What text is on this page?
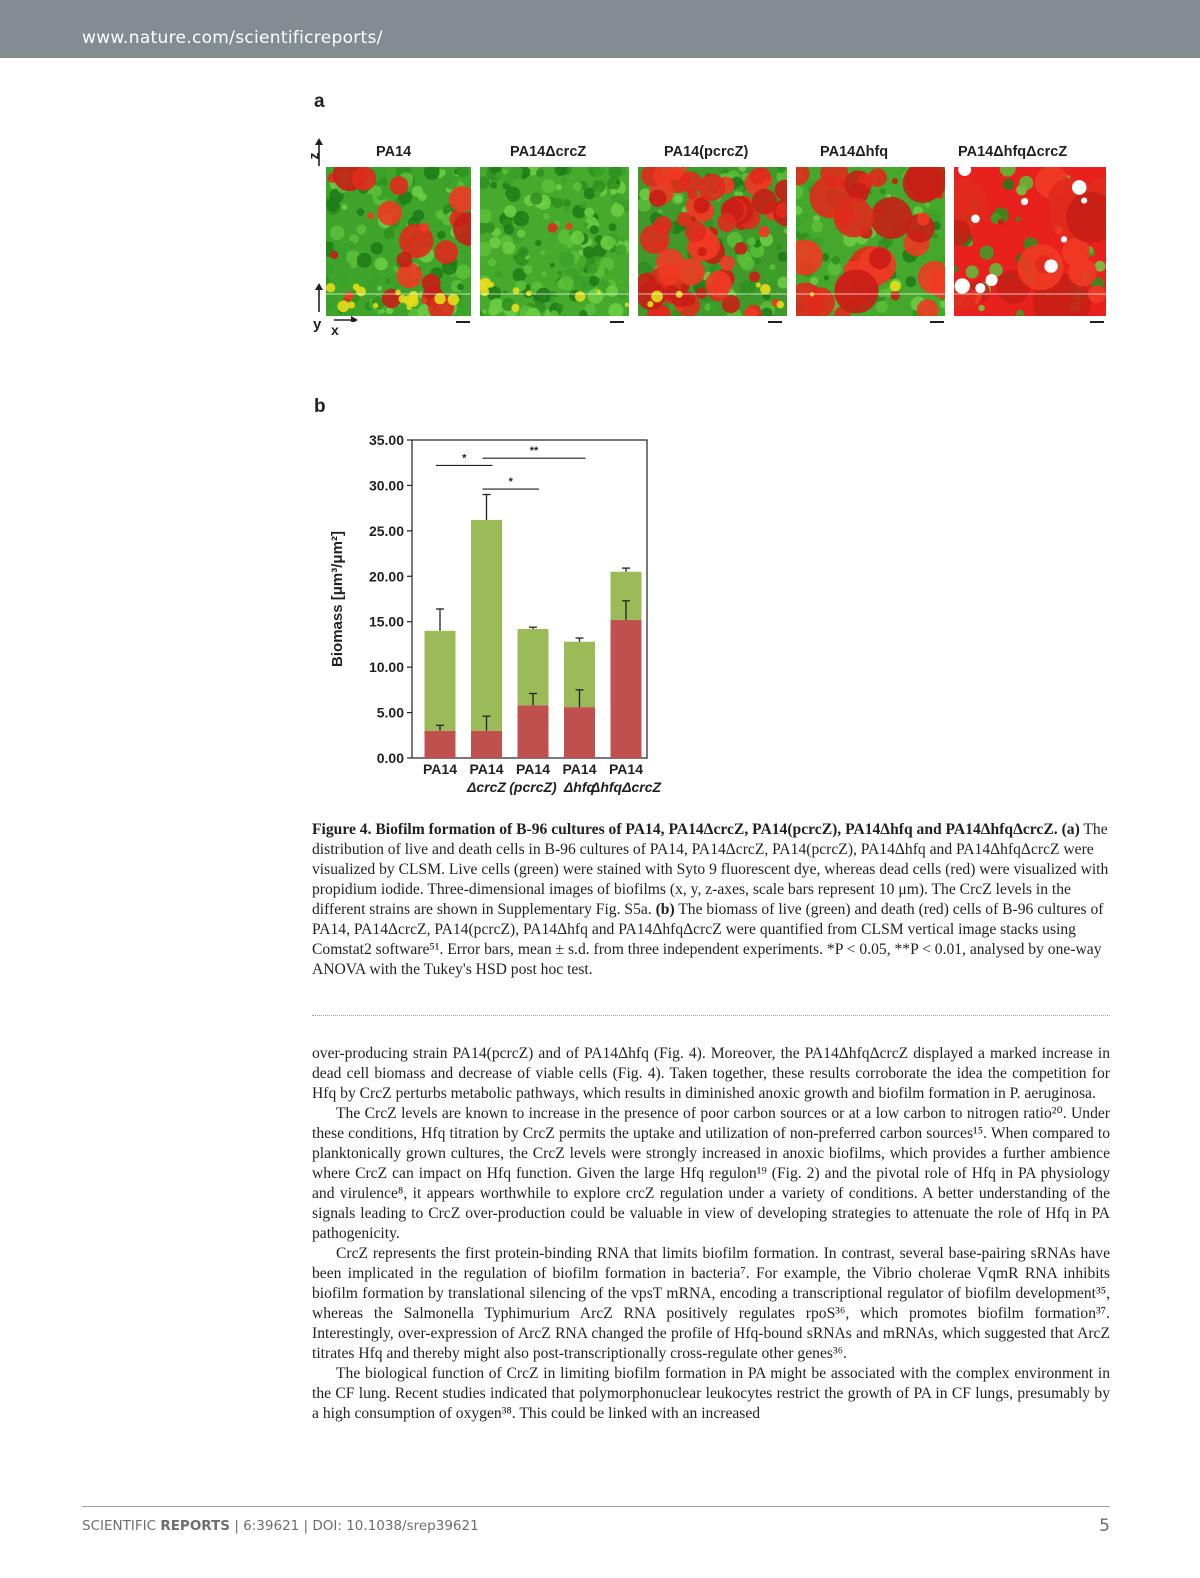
www.nature.com/scientificreports/
a
z
y x
PA14	PA14ΔcrcZ	PA14(pcrcZ)	PA14Δhfq	PA14ΔhfqΔcrcZ
b
0.00
5.00
10.00
15.00
20.00
25.00
30.00
35.00
Biomass [μm³/μm²]
PA14 PA14
ΔcrcZ
PA14
(pcrcZ)
PA14
Δhfq
PA14
ΔhfqΔcrcZ
*
**
*
Figure 4. Biofilm formation of B-96 cultures of PA14, PA14ΔcrcZ, PA14(pcrcZ), PA14Δhfq and PA14ΔhfqΔcrcZ. (a) The distribution of live and death cells in B-96 cultures of PA14, PA14ΔcrcZ, PA14(pcrcZ), PA14Δhfq and PA14ΔhfqΔcrcZ were visualized by CLSM. Live cells (green) were stained with Syto 9 fluorescent dye, whereas dead cells (red) were visualized with propidium iodide. Three-dimensional images of biofilms (x, y, z-axes, scale bars represent 10 μm). The CrcZ levels in the different strains are shown in Supplementary Fig. S5a. (b) The biomass of live (green) and death (red) cells of B-96 cultures of PA14, PA14ΔcrcZ, PA14(pcrcZ), PA14Δhfq and PA14ΔhfqΔcrcZ were quantified from CLSM vertical image stacks using Comstat2 software⁵¹. Error bars, mean ± s.d. from three independent experiments. *P < 0.05, **P < 0.01, analysed by one-way ANOVA with the Tukey's HSD post hoc test.

over-producing strain PA14(pcrcZ) and of PA14Δhfq (Fig. 4). Moreover, the PA14ΔhfqΔcrcZ displayed a marked increase in dead cell biomass and decrease of viable cells (Fig. 4). Taken together, these results corroborate the idea the competition for Hfq by CrcZ perturbs metabolic pathways, which results in diminished anoxic growth and biofilm formation in P. aeruginosa.

The CrcZ levels are known to increase in the presence of poor carbon sources or at a low carbon to nitrogen ratio²⁰. Under these conditions, Hfq titration by CrcZ permits the uptake and utilization of non-preferred carbon sources¹⁵. When compared to planktonically grown cultures, the CrcZ levels were strongly increased in anoxic biofilms, which provides a further ambience where CrcZ can impact on Hfq function. Given the large Hfq regulon¹⁹ (Fig. 2) and the pivotal role of Hfq in PA physiology and virulence⁸, it appears worthwhile to explore crcZ regulation under a variety of conditions. A better understanding of the signals leading to CrcZ over-production could be valuable in view of developing strategies to attenuate the role of Hfq in PA pathogenicity.

CrcZ represents the first protein-binding RNA that limits biofilm formation. In contrast, several base-pairing sRNAs have been implicated in the regulation of biofilm formation in bacteria⁷. For example, the Vibrio cholerae VqmR RNA inhibits biofilm formation by translational silencing of the vpsT mRNA, encoding a transcriptional regulator of biofilm development³⁵, whereas the Salmonella Typhimurium ArcZ RNA positively regulates rpoS³⁶, which promotes biofilm formation³⁷. Interestingly, over-expression of ArcZ RNA changed the profile of Hfq-bound sRNAs and mRNAs, which suggested that ArcZ titrates Hfq and thereby might also post-transcriptionally cross-regulate other genes³⁶.

The biological function of CrcZ in limiting biofilm formation in PA might be associated with the complex environment in the CF lung. Recent studies indicated that polymorphonuclear leukocytes restrict the growth of PA in CF lungs, presumably by a high consumption of oxygen³⁸. This could be linked with an increased

SCIENTIFIC REPORTS | 6:39621 | DOI: 10.1038/srep39621	5
